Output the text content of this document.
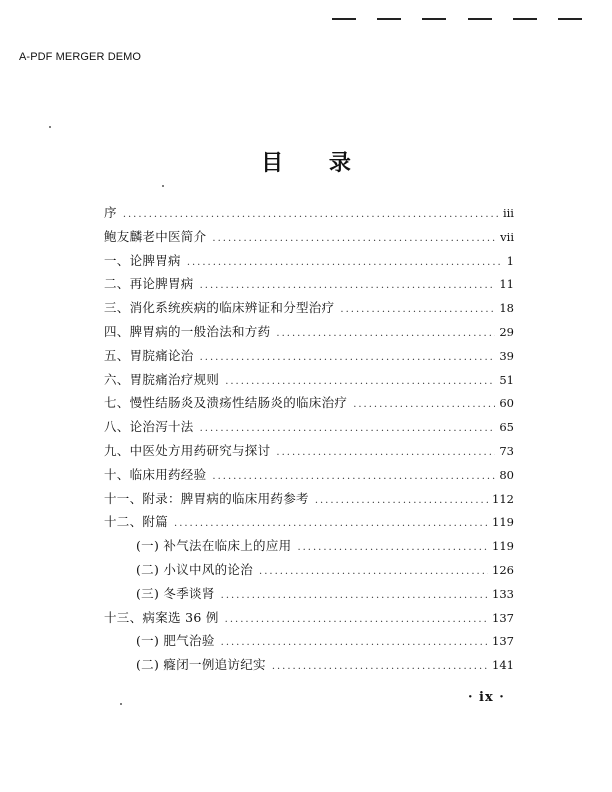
A-PDF MERGER DEMO
目 录
序 .....	iii
鲍友麟老中医简介 .....	vii
一、论脾胃病 .....	1
二、再论脾胃病 .....	11
三、消化系统疾病的临床辨证和分型治疗 .....	18
四、脾胃病的一般治法和方药 .....	29
五、胃脘痛论治 .....	39
六、胃脘痛治疗规则 .....	51
七、慢性结肠炎及溃疡性结肠炎的临床治疗 .....	60
八、论治泻十法 .....	65
九、中医处方用药研究与探讨 .....	73
十、临床用药经验 .....	80
十一、附录：脾胃病的临床用药参考 .....	112
十二、附篇 .....	119
(一) 补气法在临床上的应用 .....	119
(二) 小议中风的论治 .....	126
(三) 冬季谈肾 .....	133
十三、病案选 36 例 .....	137
(一) 肥气治验 .....	137
(二) 癃闭一例追访纪实 .....	141
· ix ·
